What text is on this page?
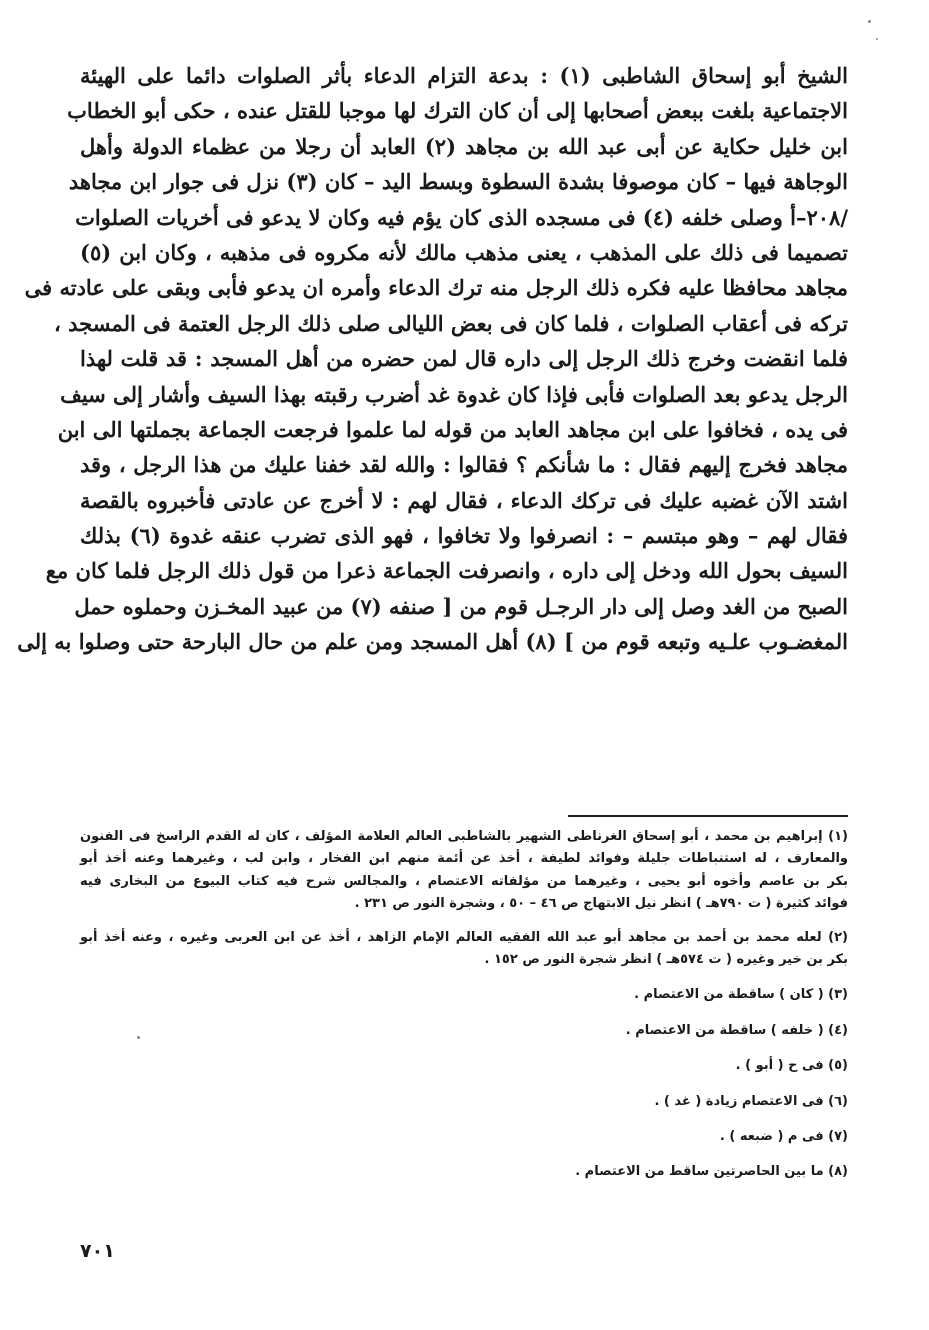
الشيخ أبو إسحاق الشاطبى (١) : بدعة التزام الدعاء بأثر الصلوات دائما على الهيئة
الاجتماعية بلغت ببعض أصحابها إلى أن كان الترك لها موجبا للقتل عنده ، حكى أبو الخطاب
ابن خليل حكاية عن أبى عبد الله بن مجاهد (٢) العابد أن رجلا من عظماء الدولة وأهل
الوجاهة فيها – كان موصوفا بشدة السطوة وبسط اليد – كان (٣) نزل فى جوار ابن مجاهد
/٢٠٨–أ وصلى خلفه (٤) فى مسجده الذى كان يؤم فيه وكان لا يدعو فى أخريات الصلوات
تصميما فى ذلك على المذهب ، يعنى مذهب مالك لأنه مكروه فى مذهبه ، وكان ابن (٥)
مجاهد محافظا عليه فكره ذلك الرجل منه ترك الدعاء وأمره ان يدعو فأبى وبقى على عادته فى
تركه فى أعقاب الصلوات ، فلما كان فى بعض الليالى صلى ذلك الرجل العتمة فى المسجد ،
فلما انقضت وخرج ذلك الرجل إلى داره قال لمن حضره من أهل المسجد : قد قلت لهذا
الرجل يدعو بعد الصلوات فأبى فإذا كان غدوة غد أضرب رقبته بهذا السيف وأشار إلى سيف
فى يده ، فخافوا على ابن مجاهد العابد من قوله لما علموا فرجعت الجماعة بجملتها الى ابن
مجاهد فخرج إليهم فقال : ما شأنكم ؟ فقالوا : والله لقد خفنا عليك من هذا الرجل ، وقد
اشتد الآن غضبه عليك فى تركك الدعاء ، فقال لهم : لا أخرج عن عادتى فأخبروه بالقصة
فقال لهم – وهو مبتسم – : انصرفوا ولا تخافوا ، فهو الذى تضرب عنقه غدوة (٦) بذلك
السيف بحول الله ودخل إلى داره ، وانصرفت الجماعة ذعرا من قول ذلك الرجل فلما كان مع
الصبح من الغد وصل إلى دار الرجـل قوم من [ صنفه (٧) من عبيد المخـزن وحملوه حمل
المغضـوب علـيه وتبعه قوم من ] (٨) أهل المسجد ومن علم من حال البارحة حتى وصلوا به إلى
(١) إبراهيم بن محمد ، أبو إسحاق الغرناطى الشهير بالشاطبى العالم العلامة المؤلف ، كان له القدم الراسخ فى الفنون
والمعارف ، له استنباطات جليلة وفوائد لطيفة ، أخذ عن أئمة منهم ابن الفخار ، وابن لب ، وغيرهما وعنه أخذ أبو
بكر بن عاصم وأخوه أبو يحيى ، وغيرهما من مؤلفاته الاعتصام ، والمجالس شرح فيه كتاب البيوع من البخارى فيه
فوائد كثيرة ( ت ٧٩٠هـ ) انظر نيل الابتهاج ص ٤٦ – ٥٠ ، وشجرة النور ص ٢٣١ .
(٢) لعله محمد بن أحمد بن مجاهد أبو عبد الله الفقيه العالم الإمام الزاهد ، أخذ عن ابن العربى وغيره ، وعنه أخذ أبو
بكر بن خير وغيره ( ت ٥٧٤هـ ) انظر شجرة النور ص ١٥٢ .
(٣) ( كان ) ساقطة من الاعتصام .
(٤) ( خلفه ) ساقطة من الاعتصام .
(٥) فى ح ( أبو ) .
(٦) فى الاعتصام زيادة ( غد ) .
(٧) فى م ( ضبعه ) .
(٨) ما بين الحاصرتين ساقط من الاعتصام .
٧٠١
